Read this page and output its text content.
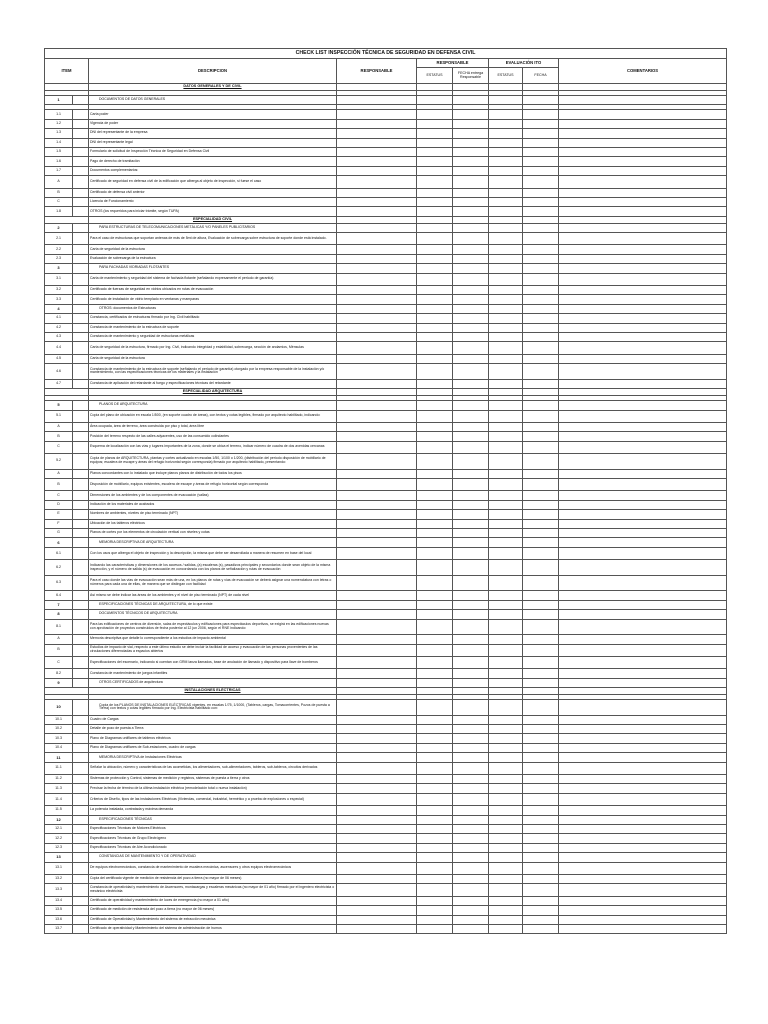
CHECK LIST INSPECCIÓN TÉCNICA DE SEGURIDAD EN DEFENSA CIVIL								
ITEM		DESCRIPCION	RESPONSABLE	RESPONSABLE		EVALUACIÓN ITO		COMENTARIOS
				ESTATUS	FECHA entrega Responsable	ESTATUS	FECHA	
		DATOS GENERALES Y DE CIVIL						

1		DOCUMENTOS DE DATOS GENERALES						

1.1		Carta poder						
1.2		Vigencia de poder						
1.3		DNI del representante de la empresa						
1.4		DNI del representante legal						
1.5		Formulario de solicitud de Inspección Técnica de Seguridad en Defensa Civil						
1.6		Pago de derecho de tramitación						
1.7		Documentos complementarios:						
A		Certificado de seguridad en defensa civil de la edificación que alberga al objeto de inspección, si fuese el caso						
B		Certificado de defensa civil anterior						
C		Licencia de Funcionamiento						
1.8		OTROS (los requeridos para iniciar trámite, según TUPA)						
		ESPECIALIDAD CIVIL						
2		PARA ESTRUCTURAS DE TELECOMUNICACIONES METÁLICAS Y/O PANELES PUBLICITARIOS						
2.1		Para el caso de estructuras que soportan antenas de más de 5mt de altura, Evaluación de sobrecarga sobre estructura de soporte donde está instalado.						
2.2		Carta de seguridad de la estructura						
2.3		Evaluación de sobrecarga de la estructura						
3		PARA FACHADAS VIDRIADAS FLOTANTES						
3.1		Carta de mantenimiento y seguridad del sistema de fachada flotante (señalando expresamente el periodo de garantía)						
3.2		Certificado de fuerzas de seguridad en vidrios ubicados en rutas de evacuación						
3.3		Certificado de instalación de vidrio templado en ventanas y mamparas						
4		OTROS: documentos de Estructuras						
4.1		Constancia, certificados de estructuras firmado por Ing. Civil habilitado						
4.2		Constancia de mantenimiento de la estructura de soporte						
4.3		Constancia de mantenimiento y seguridad de estructuras metálicas						
4.4		Carta de seguridad de la estructura, firmado por Ing. Civil, indicando integridad y estabilidad, sobrecarga, sección de andamios, Ménsulas						
4.5		Carta de seguridad de la estructura						
4.6		Constancia de mantenimiento de la estructura de soporte (señalando el periodo de garantía) otorgado por la empresa responsable de la instalación y/o mantenimiento, con las especificaciones técnicas de los materiales y la instalación						
4.7		Constancia de aplicación del retardante al fuego y especificaciones técnicas del retardante						
		ESPECIALIDAD ARQUITECTURA						

5		PLANOS DE ARQUITECTURA						
5.1		Copia del plano de ubicación en escala 1/500, (en soporte cuadro de áreas), con textos y cotas legibles, firmado por arquitecto habilitado, indicando:						
A		Área ocupada, área de terreno, área construida por piso y total, área libre						
B		Posición del terreno respecto de las calles adyacentes, uso de las consumido colindantes						
C		Esquema de localización con las vías y lugares importantes de la zona, donde se ubica el terreno, indicar número de cuadra de dos avenidas cercanas						
5.2		Copia de planos de ARQUITECTURA, plantas y cortes actualizado en escalas 1/50, 1/100 o 1/200, (distribución del periodo disposición de mobiliario de equipos; escalera de escape y áreas del refugio horizontal según corresponda) firmado por arquitecto habilitado, presentando:						
A		Planos concordantes con lo instalado que incluye planos planos de distribución de todos los pisos						
B		Disposición de mobiliario, equipos existentes, escalera de escape y áreas de refugio horizontal según corresponda						
C		Dimensiones de los ambientes y de los componentes de evacuación (vallas)						
D		Indicación de los materiales de acabados						
E		Nombres de ambientes, niveles de piso terminado (NPT)						
F		Ubicación de los tableros eléctricos						
G		Planos de cortes por los elementos de circulación vertical con niveles y cotas						
6		MEMORIA DESCRIPTIVA DE ARQUITECTURA						
6.1		Con los usos que alberga el objeto de inspección y la descripción, la misma que debe ser desarrollada a manera de resumen en base del local						
6.2		Indicando las características y dimensiones de los accesos / salidas, (a) escaleras (s), pasadizos principales y secundarios donde sean objeto de la misma inspección, y el número de salida (s) de evacuación en concordancia con los planos de señalización y rutas de evacuación						
6.3		Para el caso donde las vías de evacuación sean más de una, en los planos de rutas y vías de evacuación se deberá asignar una nomenclatura con letras o números para cada una de ellas, de manera que se distingan con facilidad						
6.4		Así mismo se debe indicar las áreas de los ambientes y el nivel de piso terminado (NPT) de cada nivel						
7		ESPECIFICACIONES TÉCNICAS DE ARQUITECTURA, de lo que existe						
8		DOCUMENTOS TÉCNICOS DE ARQUITECTURA						
8.1		Para las edificaciones de centros de diversión, salas de espectáculos y edificaciones para espectáculos deportivos, se exigirá en las edificaciones nuevas con aprobación de proyectos construidos de fecha posterior al 12 jun 2006, según el RNE indicando:						
A		Memoria descriptiva que detalle lo correspondiente a los estudios de impacto ambiental						
B		Estudios de impacto de vial, respecto a este último estudio se debe incluir la facilidad de acceso y evacuación de las personas provenientes de las circulaciones diferenciadas a espacios abiertos						
C		Especificaciones del escenario, indicando si cuentan con GRM lanza llamados, base de anulación de llamado y dispositivo para llave de bomberos						
8.2		Constancia de mantenimiento de juegos infantiles						
9		OTROS CERTIFICADOS de arquitectura						
		INSTALACIONES ELÉCTRICAS						

10		Copia de los PLANOS DE INSTALACIONES ELÉCTRICAS vigentes, en escalas 1/75, 1/1000, (Tableros, cargas, Tomacorrientes, Pozos de puesta a Tierra) con textos y cotas legibles firmado por Ing. Electricista habilitado con:						
10.1		Cuadro de Cargas						
10.2		Detalle de pozo de puesta a Tierra						
10.3		Plano de Diagramas unifilares de tableros eléctricos						
10.4		Plano de Diagramas unifilares de Sub-estaciones, cuadro de cargas						
11		MEMORIA DESCRIPTIVA de Instalaciones Eléctricas						
11.1		Señalar la ubicación, número y características de las acometidas, los alimentadores, sub-alimentadores, tableros, sub-tableros, circuitos derivados						
11.2		Sistemas de protección y Control, sistemas de medición y registros, sistemas de puesta a tierra y otros						
11.3		Precisar la fecha de término de la última instalación eléctrica (remodelación total o nueva instalación)						
11.4		Criterios de Diseño, tipos de las instalaciones Eléctricas (Viviendas, comercial, industrial, hermético y a prueba de explosiones u especial)						
11.5		La potencia instalada, contratada y máxima demanda						
12		ESPECIFICACIONES TÉCNICAS						
12.1		Especificaciones Técnicas de Motores Eléctricos						
12.2		Especificaciones Técnicas de Grupo Electrógeno						
12.3		Especificaciones Técnicas de Aire Acondicionado						
13		CONSTANCIAS DE MANTENIMIENTO Y DE OPERATIVIDAD						
13.1		De equipos electromecánicos, constancia de mantenimiento de escalera mecánica, ascensores y otros equipos electromecánicos						
13.2		Copia del certificado vigente de medición de resistencia del pozo a tierra (no mayor de 06 meses)						
13.3		Constancia de operatividad y mantenimiento de Ascensores, montacargas y escaleras mecánicas (no mayor de 01 año) firmado por el ingeniero electricista o mecánico electricista						
13.4		Certificado de operatividad y mantenimiento de luces de emergencia (no mayor a 01 año)						
13.5		Certificado de medición de resistencia del pozo a tierra (no mayor de 06 meses)						
13.6		Certificado de Operatividad y Mantenimiento del sistema de extracción mecánica						
13.7		Certificado de operatividad y Mantenimiento del sistema de administración de humos						
